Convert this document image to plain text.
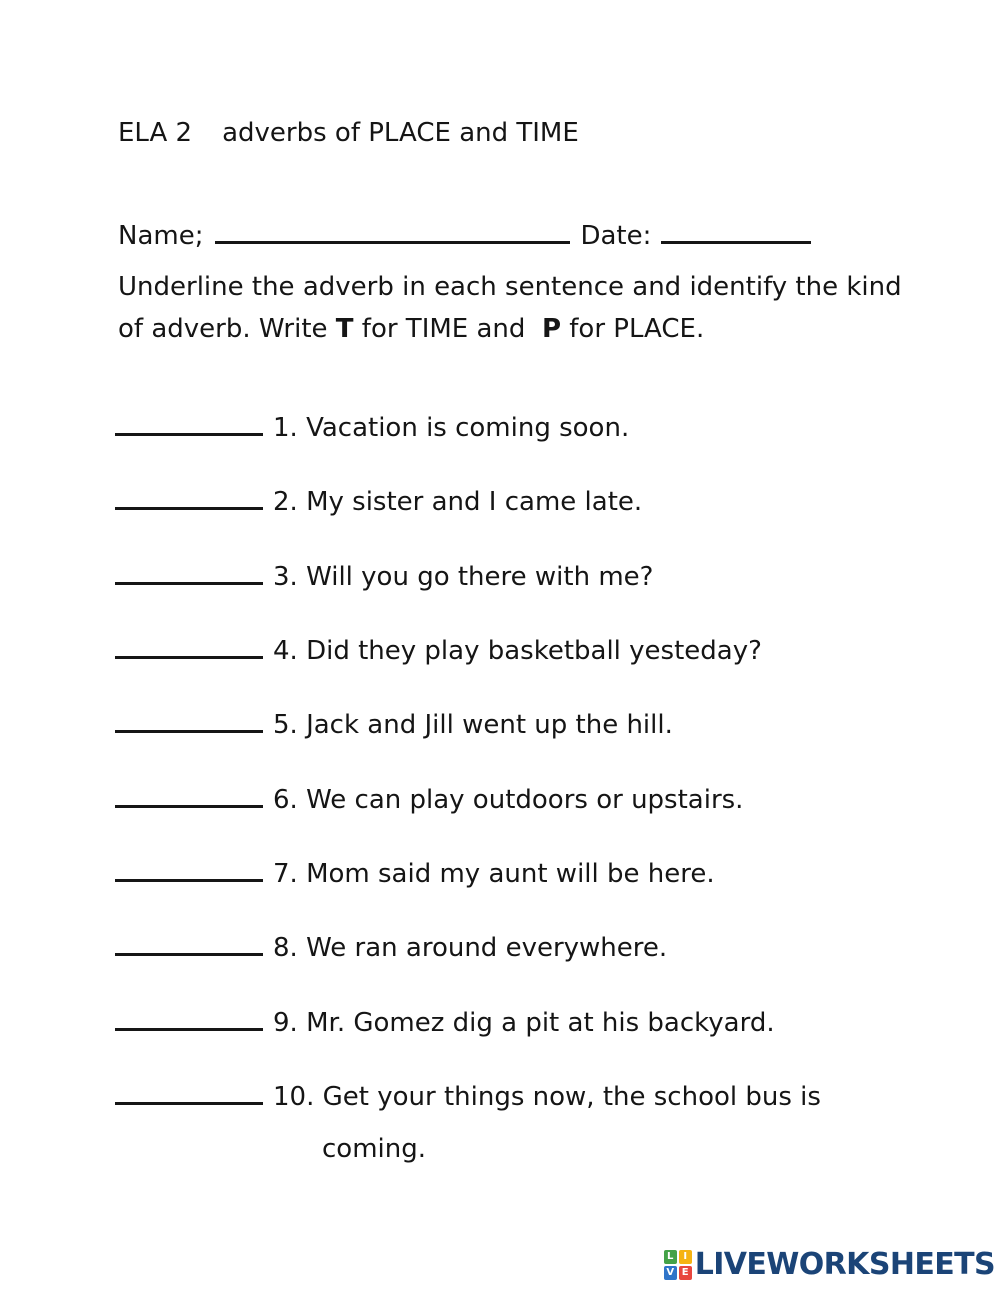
ELA 2 adverbs of PLACE and TIME
Name;	Date:
Underline the adverb in each sentence and identify the kind
of adverb. Write T for TIME and  P for PLACE.
1. Vacation is coming soon.
2. My sister and I came late.
3. Will you go there with me?
4. Did they play basketball yesteday?
5. Jack and Jill went up the hill.
6. We can play outdoors or upstairs.
7. Mom said my aunt will be here.
8. We ran around everywhere.
9. Mr. Gomez dig a pit at his backyard.
10. Get your things now, the school bus is
coming.
L I
V E LIVEWORKSHEETS
